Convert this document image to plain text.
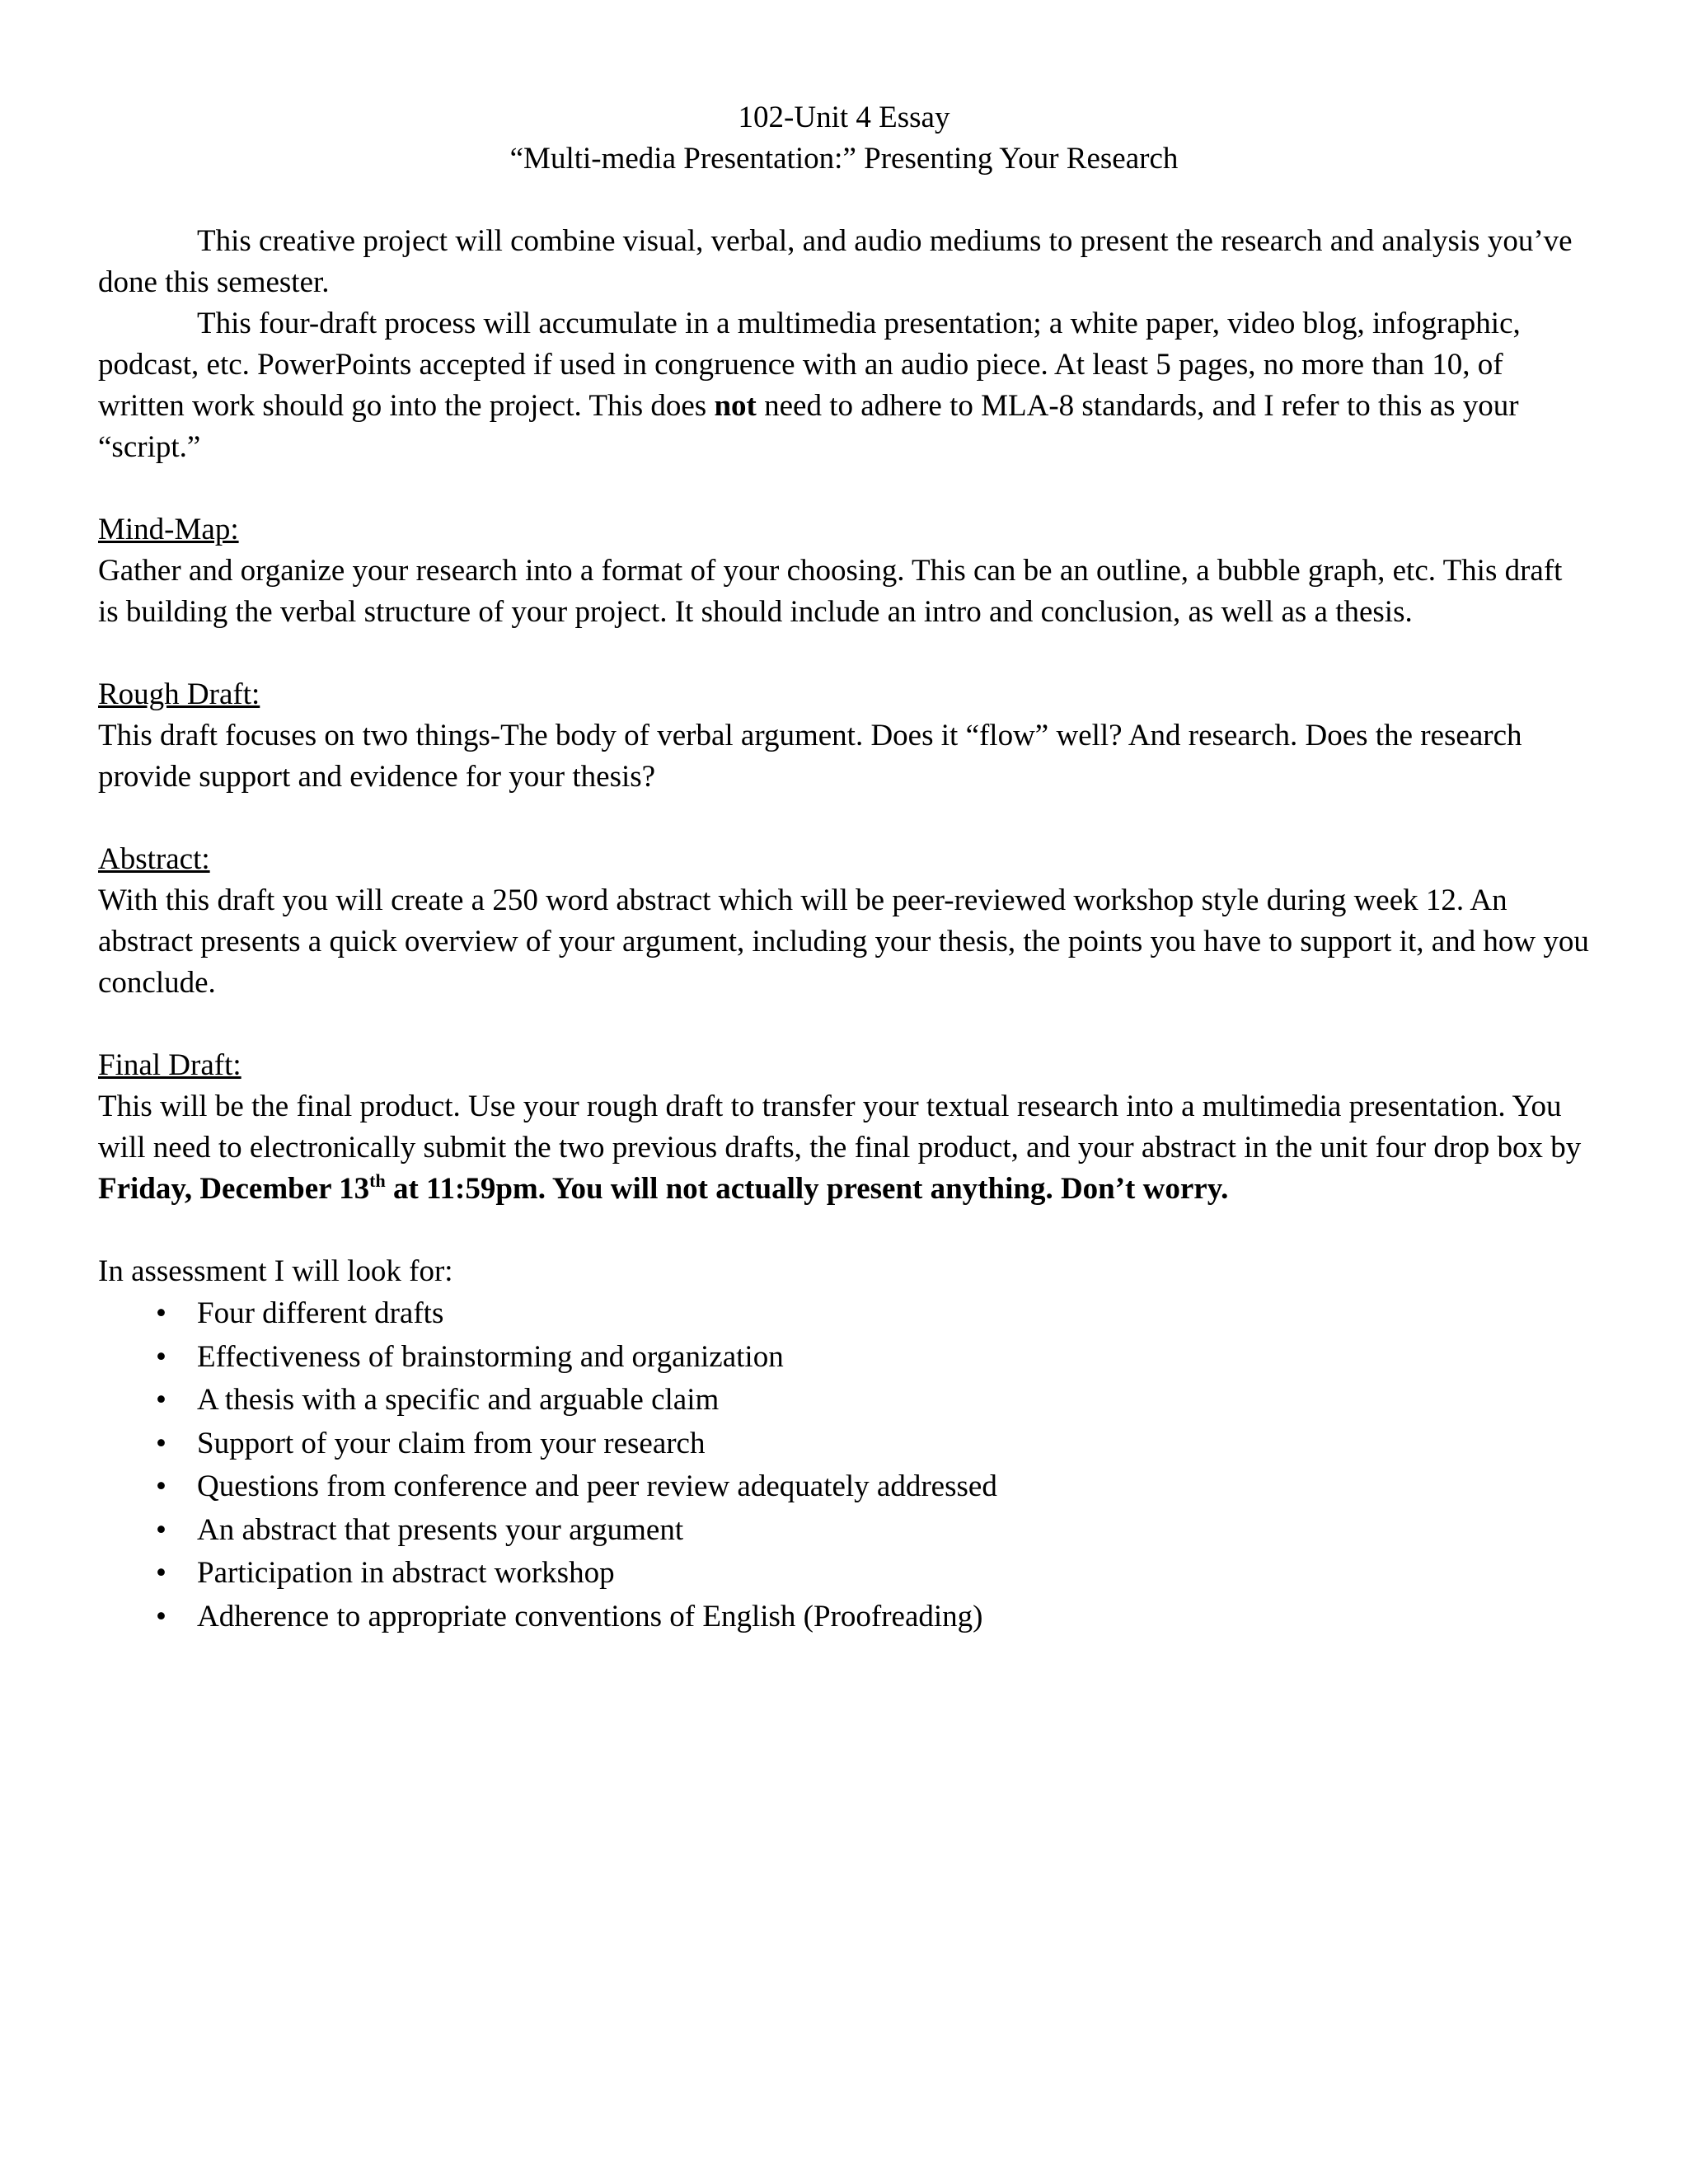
102-Unit 4 Essay
“Multi-media Presentation:” Presenting Your Research

This creative project will combine visual, verbal, and audio mediums to present the research and analysis you’ve done this semester.

This four-draft process will accumulate in a multimedia presentation; a white paper, video blog, infographic, podcast, etc. PowerPoints accepted if used in congruence with an audio piece. At least 5 pages, no more than 10, of written work should go into the project. This does not need to adhere to MLA-8 standards, and I refer to this as your “script.”

Mind-Map:

Gather and organize your research into a format of your choosing. This can be an outline, a bubble graph, etc. This draft is building the verbal structure of your project. It should include an intro and conclusion, as well as a thesis.

Rough Draft:

This draft focuses on two things-The body of verbal argument. Does it “flow” well? And research. Does the research provide support and evidence for your thesis?

Abstract:

With this draft you will create a 250 word abstract which will be peer-reviewed workshop style during week 12. An abstract presents a quick overview of your argument, including your thesis, the points you have to support it, and how you conclude.

Final Draft:

This will be the final product. Use your rough draft to transfer your textual research into a multimedia presentation. You will need to electronically submit the two previous drafts, the final product, and your abstract in the unit four drop box by Friday, December 13th at 11:59pm. You will not actually present anything. Don’t worry.

In assessment I will look for:

• Four different drafts
• Effectiveness of brainstorming and organization
• A thesis with a specific and arguable claim
• Support of your claim from your research
• Questions from conference and peer review adequately addressed
• An abstract that presents your argument
• Participation in abstract workshop
• Adherence to appropriate conventions of English (Proofreading)
